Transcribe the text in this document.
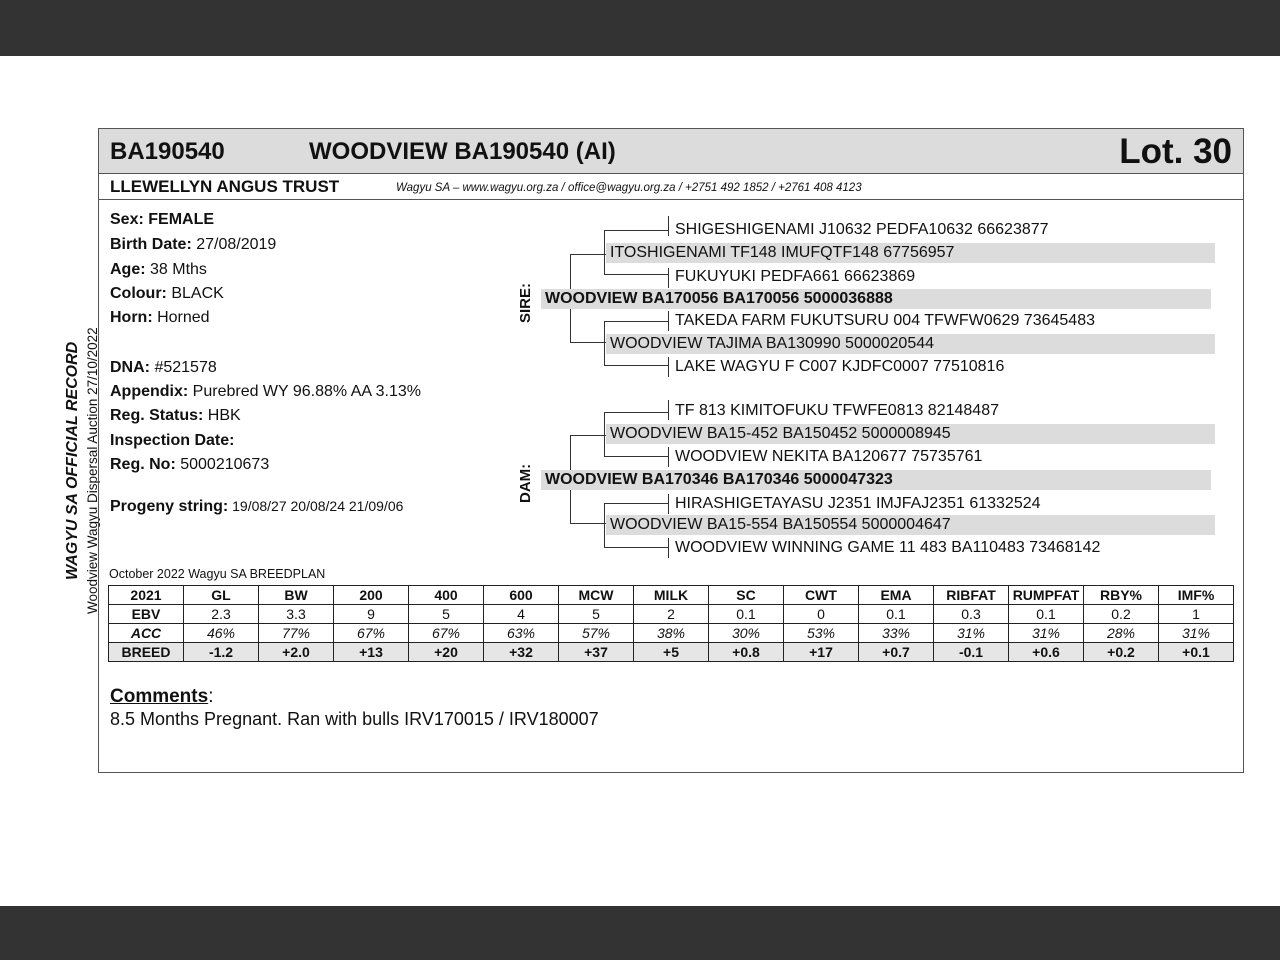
WAGYU SA OFFICIAL RECORD Woodview Wagyu Dispersal Auction 27/10/2022
BA190540	WOODVIEW BA190540 (AI)	Lot. 30
LLEWELLYN ANGUS TRUST	Wagyu SA – www.wagyu.org.za / office@wagyu.org.za / +2751 492 1852 / +2761 408 4123
Sex: FEMALE
Birth Date: 27/08/2019
Age: 38 Mths
Colour: BLACK
Horn: Horned
DNA: #521578
Appendix: Purebred WY 96.88% AA 3.13%
Reg. Status: HBK
Inspection Date:
Reg. No: 5000210673
Progeny string: 19/08/27 20/08/24 21/09/06
SIRE:
DAM:
SHIGESHIGENAMI J10632 PEDFA10632 66623877
ITOSHIGENAMI TF148 IMUFQTF148 67756957
FUKUYUKI PEDFA661 66623869
WOODVIEW BA170056 BA170056 5000036888
TAKEDA FARM FUKUTSURU 004 TFWFW0629 73645483
WOODVIEW TAJIMA BA130990 5000020544
LAKE WAGYU F C007 KJDFC0007 77510816
TF 813 KIMITOFUKU TFWFE0813 82148487
WOODVIEW BA15-452 BA150452 5000008945
WOODVIEW NEKITA BA120677 75735761
WOODVIEW BA170346 BA170346 5000047323
HIRASHIGETAYASU J2351 IMJFAJ2351 61332524
WOODVIEW BA15-554 BA150554 5000004647
WOODVIEW WINNING GAME 11 483 BA110483 73468142
October 2022 Wagyu SA BREEDPLAN
2021	GL	BW	200	400	600	MCW	MILK	SC	CWT	EMA	RIBFAT	RUMPFAT	RBY%	IMF%
EBV	2.3	3.3	9	5	4	5	2	0.1	0	0.1	0.3	0.1	0.2	1
ACC	46%	77%	67%	67%	63%	57%	38%	30%	53%	33%	31%	31%	28%	31%
BREED	-1.2	+2.0	+13	+20	+32	+37	+5	+0.8	+17	+0.7	-0.1	+0.6	+0.2	+0.1
Comments:
8.5 Months Pregnant. Ran with bulls IRV170015 / IRV180007
